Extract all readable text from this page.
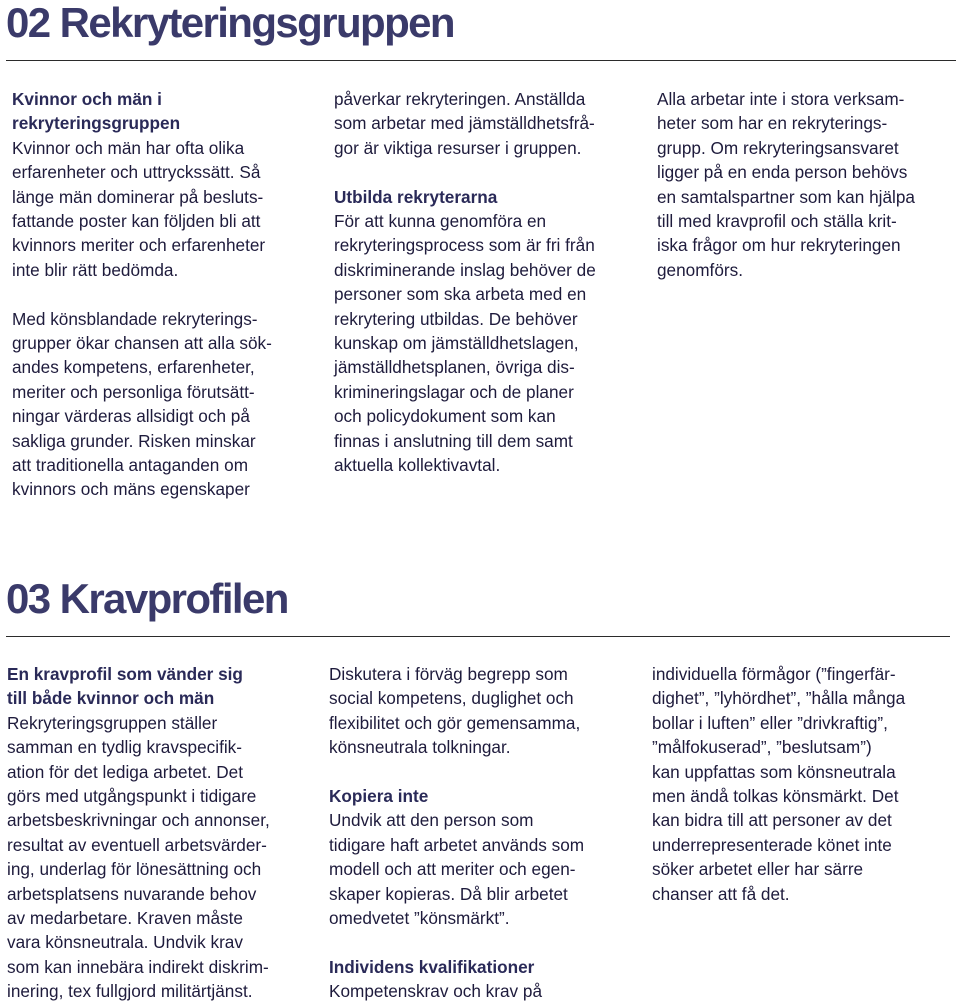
02 Rekryteringsgruppen

Kvinnor och män i

rekryteringsgruppen

Kvinnor och män har ofta olika

erfarenheter och uttryckssätt. Så

länge män dominerar på besluts-

fattande poster kan följden bli att

kvinnors meriter och erfarenheter

inte blir rätt bedömda.

Med könsblandade rekryterings-

grupper ökar chansen att alla sök-

andes kompetens, erfarenheter,

meriter och personliga förutsätt-

ningar värderas allsidigt och på

sakliga grunder. Risken minskar

att traditionella antaganden om

kvinnors och mäns egenskaper

påverkar rekryteringen. Anställda

som arbetar med jämställdhetsfrå-

gor är viktiga resurser i gruppen.

Utbilda rekryterarna

För att kunna genomföra en

rekryteringsprocess som är fri från

diskriminerande inslag behöver de

personer som ska arbeta med en

rekrytering utbildas. De behöver

kunskap om jämställdhetslagen,

jämställdhetsplanen, övriga dis-

krimineringslagar och de planer

och policydokument som kan

finnas i anslutning till dem samt

aktuella kollektivavtal.

Alla arbetar inte i stora verksam-

heter som har en rekryterings-

grupp. Om rekryteringsansvaret

ligger på en enda person behövs

en samtalspartner som kan hjälpa

till med kravprofil och ställa krit-

iska frågor om hur rekryteringen

genomförs.

03 Kravprofilen

En kravprofil som vänder sig

till både kvinnor och män

Rekryteringsgruppen ställer

samman en tydlig kravspecifik-

ation för det lediga arbetet. Det

görs med utgångspunkt i tidigare

arbetsbeskrivningar och annonser,

resultat av eventuell arbetsvärder-

ing, underlag för lönesättning och

arbetsplatsens nuvarande behov

av medarbetare. Kraven måste

vara könsneutrala. Undvik krav

som kan innebära indirekt diskrim-

inering, tex fullgjord militärtjänst.

Diskutera i förväg begrepp som

social kompetens, duglighet och

flexibilitet och gör gemensamma,

könsneutrala tolkningar.

Kopiera inte

Undvik att den person som

tidigare haft arbetet används som

modell och att meriter och egen-

skaper kopieras. Då blir arbetet

omedvetet ”könsmärkt”.

Individens kvalifikationer

Kompetenskrav och krav på

individuella förmågor (”fingerfär-

dighet”, ”lyhördhet”, ”hålla många

bollar i luften” eller ”drivkraftig”,

”målfokuserad”, ”beslutsam”)

kan uppfattas som könsneutrala

men ändå tolkas könsmärkt. Det

kan bidra till att personer av det

underrepresenterade könet inte

söker arbetet eller har särre

chanser att få det.
